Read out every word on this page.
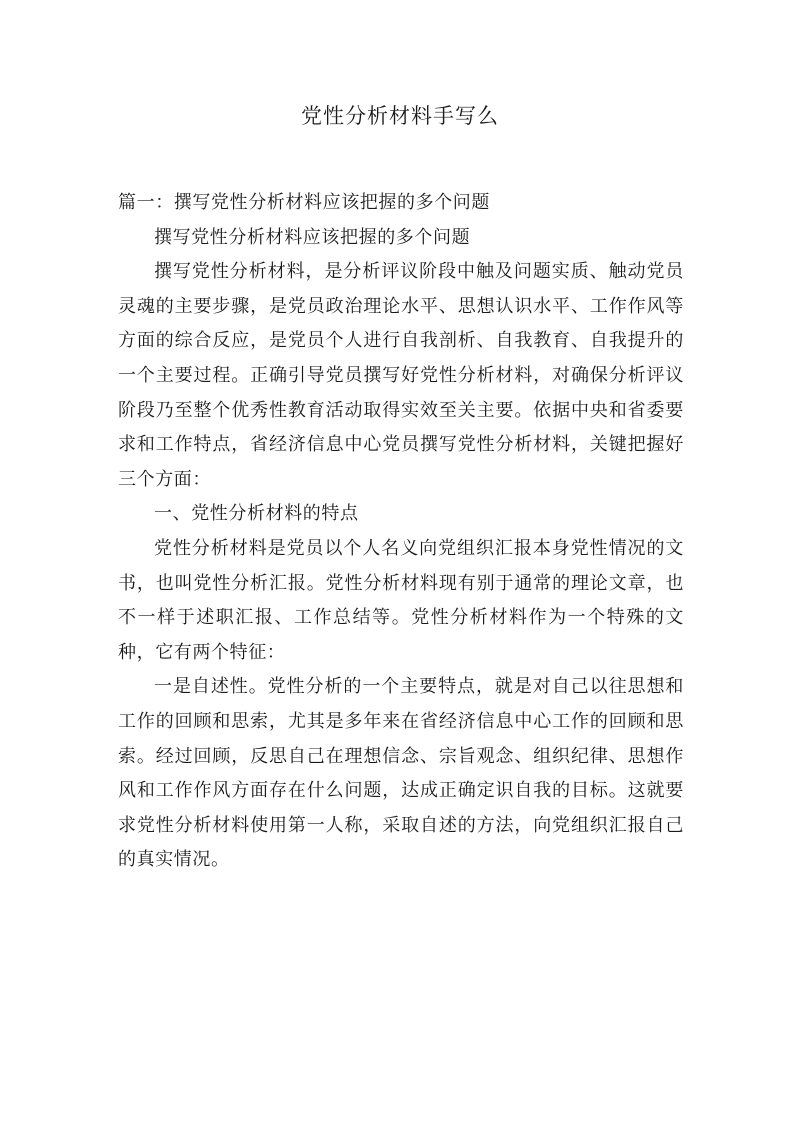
党性分析材料手写么

篇一：撰写党性分析材料应该把握的多个问题

撰写党性分析材料应该把握的多个问题

撰写党性分析材料，是分析评议阶段中触及问题实质、触动党员灵魂的主要步骤，是党员政治理论水平、思想认识水平、工作作风等方面的综合反应，是党员个人进行自我剖析、自我教育、自我提升的一个主要过程。正确引导党员撰写好党性分析材料，对确保分析评议阶段乃至整个优秀性教育活动取得实效至关主要。依据中央和省委要求和工作特点，省经济信息中心党员撰写党性分析材料，关键把握好三个方面：

一、党性分析材料的特点

党性分析材料是党员以个人名义向党组织汇报本身党性情况的文书，也叫党性分析汇报。党性分析材料现有别于通常的理论文章，也不一样于述职汇报、工作总结等。党性分析材料作为一个特殊的文种，它有两个特征：

一是自述性。党性分析的一个主要特点，就是对自己以往思想和工作的回顾和思索，尤其是多年来在省经济信息中心工作的回顾和思索。经过回顾，反思自己在理想信念、宗旨观念、组织纪律、思想作风和工作作风方面存在什么问题，达成正确定识自我的目标。这就要求党性分析材料使用第一人称，采取自述的方法，向党组织汇报自己的真实情况。
